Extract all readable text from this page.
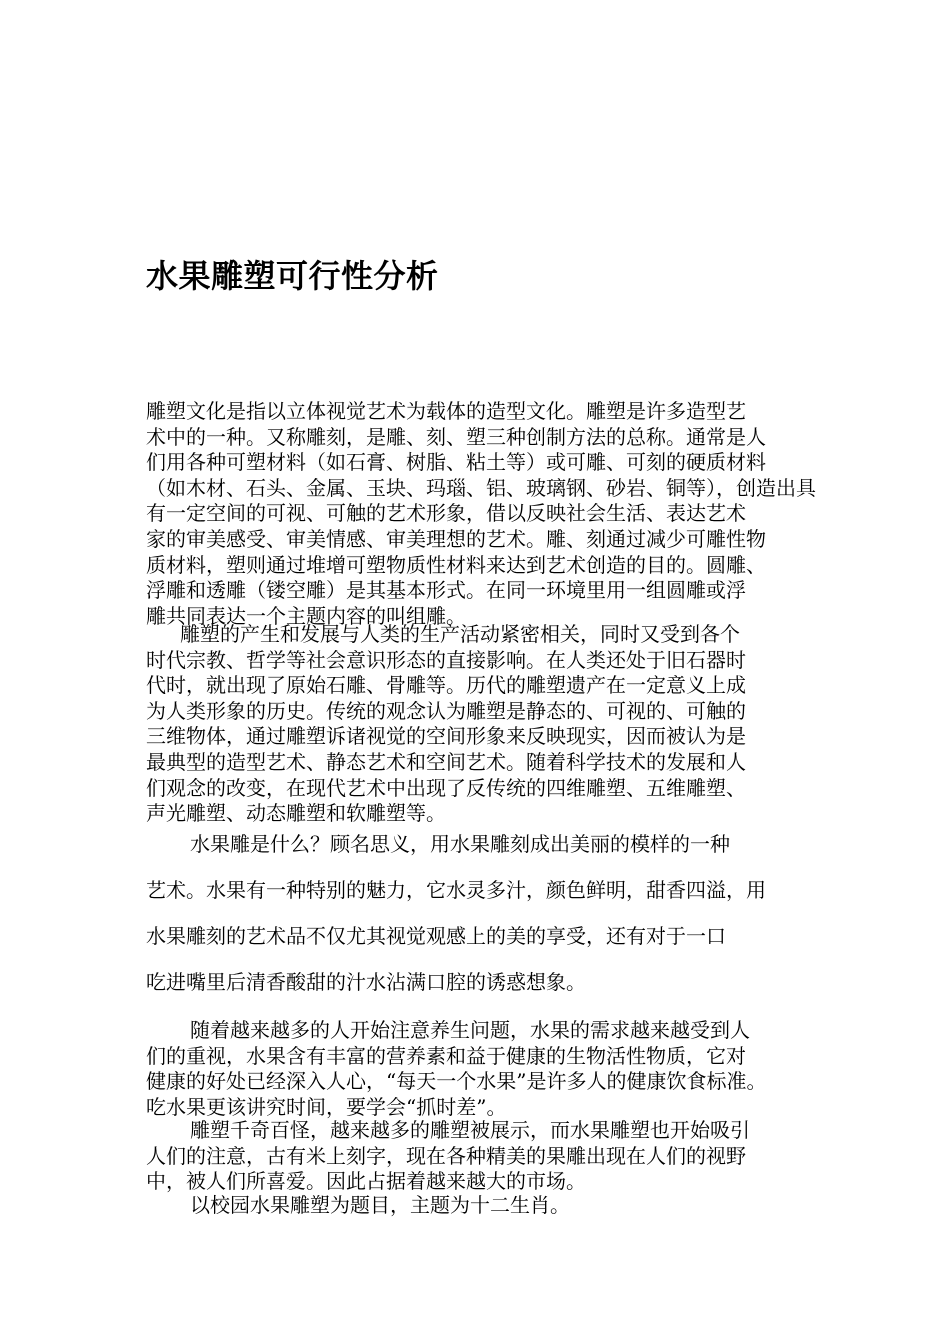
水果雕塑可行性分析
雕塑文化是指以立体视觉艺术为载体的造型文化。雕塑是许多造型艺
术中的一种。又称雕刻，是雕、刻、塑三种创制方法的总称。通常是人
们用各种可塑材料（如石膏、树脂、粘土等）或可雕、可刻的硬质材料
（如木材、石头、金属、玉块、玛瑙、铝、玻璃钢、砂岩、铜等），创造出具
有一定空间的可视、可触的艺术形象，借以反映社会生活、表达艺术
家的审美感受、审美情感、审美理想的艺术。雕、刻通过减少可雕性物
质材料，塑则通过堆增可塑物质性材料来达到艺术创造的目的。圆雕、
浮雕和透雕（镂空雕）是其基本形式。在同一环境里用一组圆雕或浮
雕共同表达一个主题内容的叫组雕。
雕塑的产生和发展与人类的生产活动紧密相关，同时又受到各个
时代宗教、哲学等社会意识形态的直接影响。在人类还处于旧石器时
代时，就出现了原始石雕、骨雕等。历代的雕塑遗产在一定意义上成
为人类形象的历史。传统的观念认为雕塑是静态的、可视的、可触的
三维物体，通过雕塑诉诸视觉的空间形象来反映现实，因而被认为是
最典型的造型艺术、静态艺术和空间艺术。随着科学技术的发展和人
们观念的改变，在现代艺术中出现了反传统的四维雕塑、五维雕塑、
声光雕塑、动态雕塑和软雕塑等。
水果雕是什么？顾名思义，用水果雕刻成出美丽的模样的一种
艺术。水果有一种特别的魅力，它水灵多汁，颜色鲜明，甜香四溢，用
水果雕刻的艺术品不仅尤其视觉观感上的美的享受，还有对于一口
吃进嘴里后清香酸甜的汁水沾满口腔的诱惑想象。
随着越来越多的人开始注意养生问题，水果的需求越来越受到人
们的重视，水果含有丰富的营养素和益于健康的生物活性物质，它对
健康的好处已经深入人心，“每天一个水果”是许多人的健康饮食标准。
吃水果更该讲究时间，要学会“抓时差”。
雕塑千奇百怪，越来越多的雕塑被展示，而水果雕塑也开始吸引
人们的注意，古有米上刻字，现在各种精美的果雕出现在人们的视野
中，被人们所喜爱。因此占据着越来越大的市场。
以校园水果雕塑为题目，主题为十二生肖。
